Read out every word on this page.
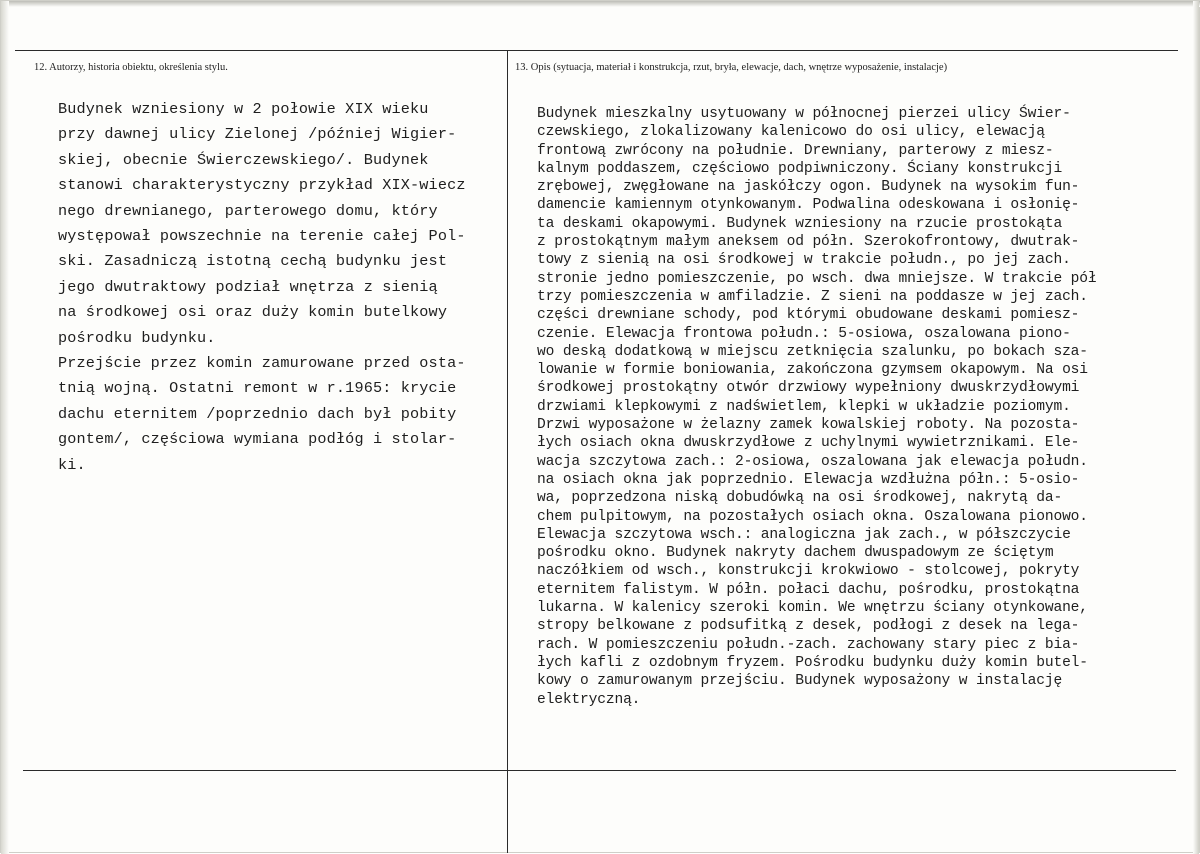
12. Autorzy, historia obiektu, określenia stylu.	13. Opis (sytuacja, materiał i konstrukcja, rzut, bryła, elewacje, dach, wnętrze wyposażenie, instalacje)
Budynek wzniesiony w 2 połowie XIX wieku
przy dawnej ulicy Zielonej /później Wigier-
skiej, obecnie Świerczewskiego/. Budynek
stanowi charakterystyczny przykład XIX-wiecz
nego drewnianego, parterowego domu, który
występował powszechnie na terenie całej Pol-
ski. Zasadniczą istotną cechą budynku jest
jego dwutraktowy podział wnętrza z sienią
na środkowej osi oraz duży komin butelkowy
pośrodku budynku.
Przejście przez komin zamurowane przed osta-
tnią wojną. Ostatni remont w r.1965: krycie
dachu eternitem /poprzednio dach był pobity
gontem/, częściowa wymiana podłóg i stolar-
ki.
Budynek mieszkalny usytuowany w północnej pierzei ulicy Świer-
czewskiego, zlokalizowany kalenicowo do osi ulicy, elewacją
frontową zwrócony na południe. Drewniany, parterowy z miesz-
kalnym poddaszem, częściowo podpiwniczony. Ściany konstrukcji
zrębowej, zwęgłowane na jaskółczy ogon. Budynek na wysokim fun-
damencie kamiennym otynkowanym. Podwalina odeskowana i osłonię-
ta deskami okapowymi. Budynek wzniesiony na rzucie prostokąta
z prostokątnym małym aneksem od półn. Szerokofrontowy, dwutrak-
towy z sienią na osi środkowej w trakcie połudn., po jej zach.
stronie jedno pomieszczenie, po wsch. dwa mniejsze. W trakcie pół
trzy pomieszczenia w amfiladzie. Z sieni na poddasze w jej zach.
części drewniane schody, pod którymi obudowane deskami pomiesz-
czenie. Elewacja frontowa połudn.: 5-osiowa, oszalowana piono-
wo deską dodatkową w miejscu zetknięcia szalunku, po bokach sza-
lowanie w formie boniowania, zakończona gzymsem okapowym. Na osi
środkowej prostokątny otwór drzwiowy wypełniony dwuskrzydłowymi
drzwiami klepkowymi z nadświetlem, klepki w układzie poziomym.
Drzwi wyposażone w żelazny zamek kowalskiej roboty. Na pozosta-
łych osiach okna dwuskrzydłowe z uchylnymi wywietrznikami. Ele-
wacja szczytowa zach.: 2-osiowa, oszalowana jak elewacja połudn.
na osiach okna jak poprzednio. Elewacja wzdłużna półn.: 5-osio-
wa, poprzedzona niską dobudówką na osi środkowej, nakrytą da-
chem pulpitowym, na pozostałych osiach okna. Oszalowana pionowo.
Elewacja szczytowa wsch.: analogiczna jak zach., w półszczycie
pośrodku okno. Budynek nakryty dachem dwuspadowym ze ściętym
naczółkiem od wsch., konstrukcji krokwiowo - stolcowej, pokryty
eternitem falistym. W półn. połaci dachu, pośrodku, prostokątna
lukarna. W kalenicy szeroki komin. We wnętrzu ściany otynkowane,
stropy belkowane z podsufitką z desek, podłogi z desek na lega-
rach. W pomieszczeniu połudn.-zach. zachowany stary piec z bia-
łych kafli z ozdobnym fryzem. Pośrodku budynku duży komin butel-
kowy o zamurowanym przejściu. Budynek wyposażony w instalację
elektryczną.
